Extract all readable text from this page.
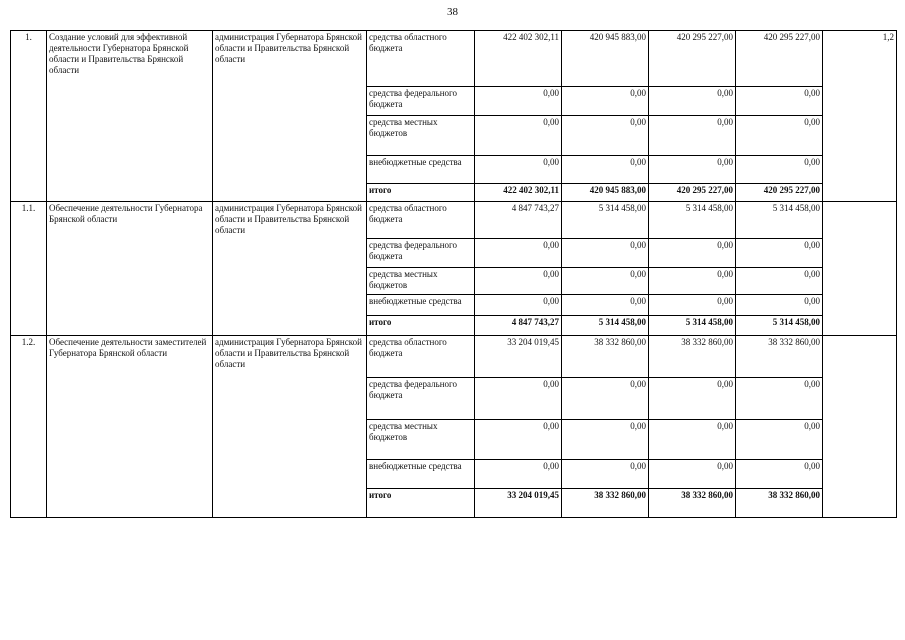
38
1.	Создание условий для эффективной деятельности Губернатора Брянской области и Правительства Брянской области	администрация Губернатора Брянской области и Правительства Брянской области	средства областного бюджета	422 402 302,11	420 945 883,00	420 295 227,00	420 295 227,00	1,2
			средства федерального бюджета	0,00	0,00	0,00	0,00	
			средства местных бюджетов	0,00	0,00	0,00	0,00	
			внебюджетные средства	0,00	0,00	0,00	0,00	
			итого	422 402 302,11	420 945 883,00	420 295 227,00	420 295 227,00	
1.1.	Обеспечение деятельности Губернатора Брянской области	администрация Губернатора Брянской области и Правительства Брянской области	средства областного бюджета	4 847 743,27	5 314 458,00	5 314 458,00	5 314 458,00	
			средства федерального бюджета	0,00	0,00	0,00	0,00	
			средства местных бюджетов	0,00	0,00	0,00	0,00	
			внебюджетные средства	0,00	0,00	0,00	0,00	
			итого	4 847 743,27	5 314 458,00	5 314 458,00	5 314 458,00	
1.2.	Обеспечение деятельности заместителей Губернатора Брянской области	администрация Губернатора Брянской области и Правительства Брянской области	средства областного бюджета	33 204 019,45	38 332 860,00	38 332 860,00	38 332 860,00	
			средства федерального бюджета	0,00	0,00	0,00	0,00	
			средства местных бюджетов	0,00	0,00	0,00	0,00	
			внебюджетные средства	0,00	0,00	0,00	0,00	
			итого	33 204 019,45	38 332 860,00	38 332 860,00	38 332 860,00	
